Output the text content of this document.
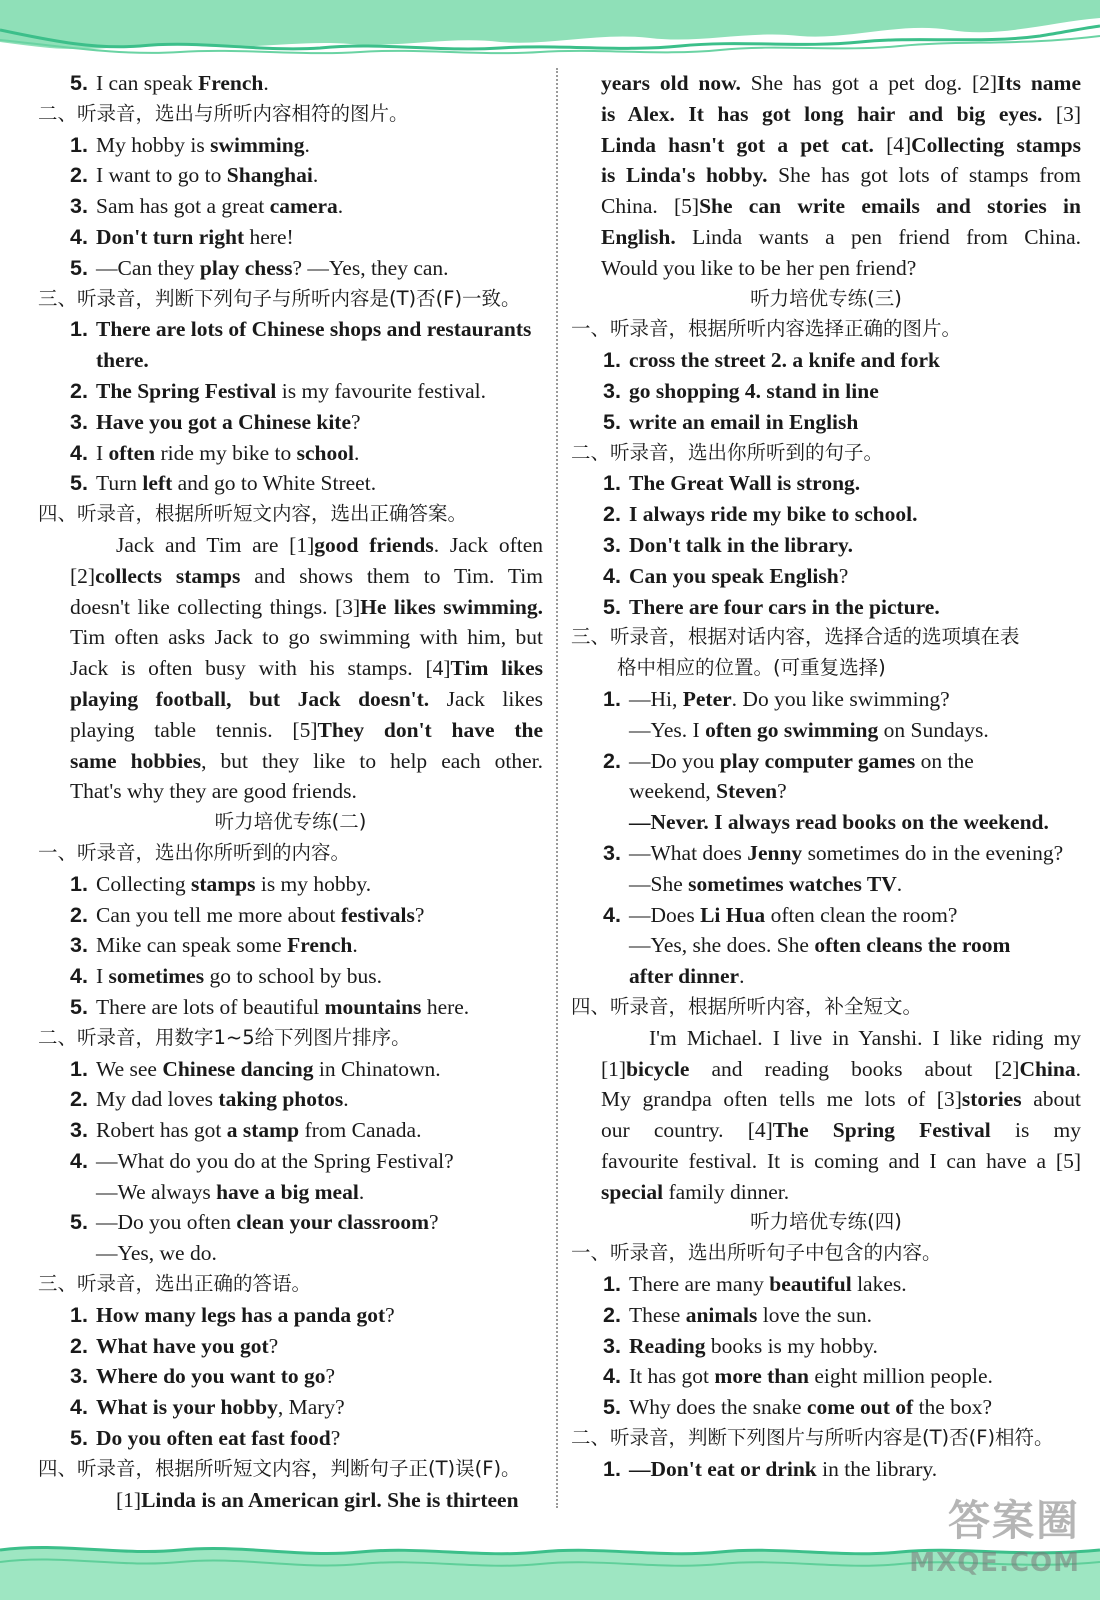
5. I can speak French.
二、听录音，选出与所听内容相符的图片。
1. My hobby is swimming.
2. I want to go to Shanghai.
3. Sam has got a great camera.
4. Don't turn right here!
5. —Can they play chess? —Yes, they can.
三、听录音，判断下列句子与所听内容是(T)否(F)一致。
1. There are lots of Chinese shops and restaurants
there.
2. The Spring Festival is my favourite festival.
3. Have you got a Chinese kite?
4. I often ride my bike to school.
5. Turn left and go to White Street.
四、听录音，根据所听短文内容，选出正确答案。
Jack and Tim are [1]good friends. Jack often
[2]collects stamps and shows them to Tim. Tim
doesn't like collecting things. [3]He likes swimming.
Tim often asks Jack to go swimming with him, but
Jack is often busy with his stamps. [4]Tim likes
playing football, but Jack doesn't. Jack likes
playing table tennis. [5]They don't have the
same hobbies, but they like to help each other.
That's why they are good friends.
听力培优专练(二)
一、听录音，选出你所听到的内容。
1. Collecting stamps is my hobby.
2. Can you tell me more about festivals?
3. Mike can speak some French.
4. I sometimes go to school by bus.
5. There are lots of beautiful mountains here.
二、听录音，用数字1~5给下列图片排序。
1. We see Chinese dancing in Chinatown.
2. My dad loves taking photos.
3. Robert has got a stamp from Canada.
4. —What do you do at the Spring Festival?
—We always have a big meal.
5. —Do you often clean your classroom?
—Yes, we do.
三、听录音，选出正确的答语。
1. How many legs has a panda got?
2. What have you got?
3. Where do you want to go?
4. What is your hobby, Mary?
5. Do you often eat fast food?
四、听录音，根据所听短文内容，判断句子正(T)误(F)。
[1]Linda is an American girl. She is thirteen
years old now. She has got a pet dog. [2]Its name
is Alex. It has got long hair and big eyes. [3]
Linda hasn't got a pet cat. [4]Collecting stamps
is Linda's hobby. She has got lots of stamps from
China. [5]She can write emails and stories in
English. Linda wants a pen friend from China.
Would you like to be her pen friend?
听力培优专练(三)
一、听录音，根据所听内容选择正确的图片。
1. cross the street 2. a knife and fork
3. go shopping 4. stand in line
5. write an email in English
二、听录音，选出你所听到的句子。
1. The Great Wall is strong.
2. I always ride my bike to school.
3. Don't talk in the library.
4. Can you speak English?
5. There are four cars in the picture.
三、听录音，根据对话内容，选择合适的选项填在表
格中相应的位置。(可重复选择)
1. —Hi, Peter. Do you like swimming?
—Yes. I often go swimming on Sundays.
2. —Do you play computer games on the
weekend, Steven?
—Never. I always read books on the weekend.
3. —What does Jenny sometimes do in the evening?
—She sometimes watches TV.
4. —Does Li Hua often clean the room?
—Yes, she does. She often cleans the room
after dinner.
四、听录音，根据所听内容，补全短文。
I'm Michael. I live in Yanshi. I like riding my
[1]bicycle and reading books about [2]China.
My grandpa often tells me lots of [3]stories about
our country. [4]The Spring Festival is my
favourite festival. It is coming and I can have a [5]
special family dinner.
听力培优专练(四)
一、听录音，选出所听句子中包含的内容。
1. There are many beautiful lakes.
2. These animals love the sun.
3. Reading books is my hobby.
4. It has got more than eight million people.
5. Why does the snake come out of the box?
二、听录音，判断下列图片与所听内容是(T)否(F)相符。
1. —Don't eat or drink in the library.
答案圈
MXQE.COM
